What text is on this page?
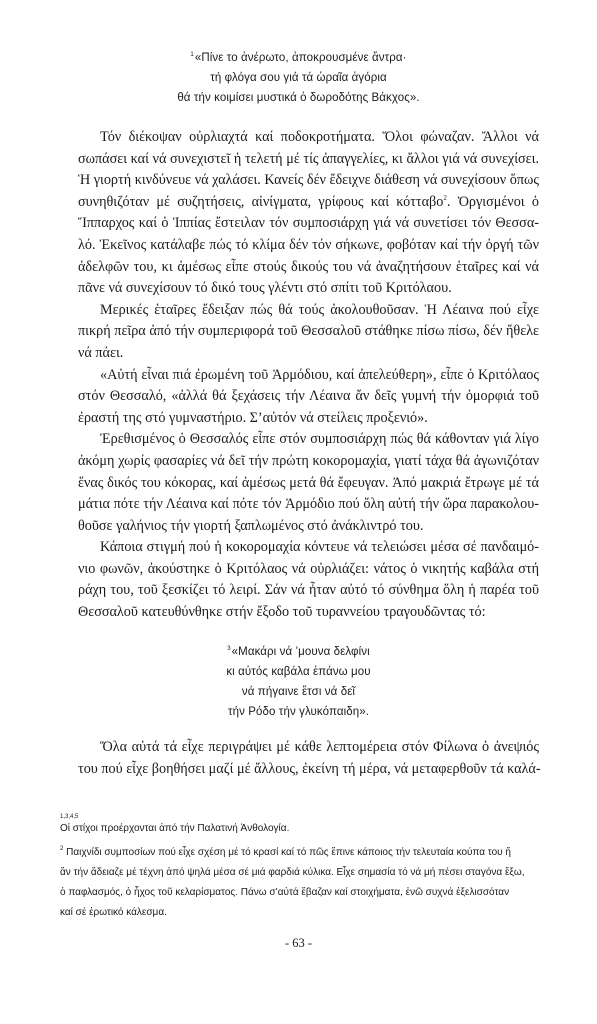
$^1$«Πίνε το ἀνέρωτο, ἀποκρουσμένε ἄντρα·
τή φλόγα σου γιά τά ὡραῖα ἀγόρια
θά τήν κοιμίσει μυστικά ὁ δωροδότης Βάκχος».
Τόν διέκοψαν οὐρλιαχτά καί ποδοκροτήματα. Ὅλοι φώναζαν. Ἄλλοι νά
σωπάσει καί νά συνεχιστεῖ ἡ τελετή μέ τίς ἀπαγγελίες, κι ἄλλοι γιά νά συνεχίσει.
Ἡ γιορτή κινδύνευε νά χαλάσει. Κανείς δέν ἔδειχνε διάθεση νά συνεχίσουν ὅπως
συνηθιζόταν μέ συζητήσεις, αἰνίγματα, γρίφους καί κότταβο$^2$. Ὀργισμένοι ὁ
Ἵππαρχος καί ὁ Ἱππίας ἔστειλαν τόν συμποσιάρχη γιά νά συνετίσει τόν Θεσσα-
λό. Ἐκεῖνος κατάλαβε πώς τό κλίμα δέν τόν σήκωνε, φοβόταν καί τήν ὀργή τῶν
ἀδελφῶν του, κι ἀμέσως εἶπε στούς δικούς του νά ἀναζητήσουν ἑταῖρες καί νά
πᾶνε νά συνεχίσουν τό δικό τους γλέντι στό σπίτι τοῦ Κριτόλαου.
Μερικές ἑταῖρες ἔδειξαν πώς θά τούς ἀκολουθοῦσαν. Ἡ Λέαινα πού εἶχε
πικρή πεῖρα ἀπό τήν συμπεριφορά τοῦ Θεσσαλοῦ στάθηκε πίσω πίσω, δέν ἤθελε
νά πάει.
«Αὐτή εἶναι πιά ἐρωμένη τοῦ Ἁρμόδιου, καί ἀπελεύθερη», εἶπε ὁ Κριτόλαος
στόν Θεσσαλό, «ἀλλά θά ξεχάσεις τήν Λέαινα ἄν δεῖς γυμνή τήν ὀμορφιά τοῦ
ἐραστή της στό γυμναστήριο. Σ’αὐτόν νά στείλεις προξενιό».
Ἐρεθισμένος ὁ Θεσσαλός εἶπε στόν συμποσιάρχη πώς θά κάθονταν γιά λίγο
ἀκόμη χωρίς φασαρίες νά δεῖ τήν πρώτη κοκορομαχία, γιατί τάχα θά ἀγωνιζόταν
ἕνας δικός του κόκορας, καί ἀμέσως μετά θά ἔφευγαν. Ἀπό μακριά ἔτρωγε μέ τά
μάτια πότε τήν Λέαινα καί πότε τόν Ἁρμόδιο πού ὅλη αὐτή τήν ὥρα παρακολου-
θοῦσε γαλήνιος τήν γιορτή ξαπλωμένος στό ἀνάκλιντρό του.
Κάποια στιγμή πού ἡ κοκορομαχία κόντευε νά τελειώσει μέσα σέ πανδαιμό-
νιο φωνῶν, ἀκούστηκε ὁ Κριτόλαος νά οὐρλιάζει: νάτος ὁ νικητής καβάλα στή
ράχη του, τοῦ ξεσκίζει τό λειρί. Σάν νά ἦταν αὐτό τό σύνθημα ὅλη ἡ παρέα τοῦ
Θεσσαλοῦ κατευθύνθηκε στήν ἔξοδο τοῦ τυραννείου τραγουδῶντας τό:
$^3$«Μακάρι νά ’μουνα δελφίνι
κι αὐτός καβάλα ἐπάνω μου
νά πήγαινε ἔτσι νά δεῖ
τήν Ρόδο τήν γλυκόπαιδη».
Ὅλα αὐτά τά εἶχε περιγράψει μέ κάθε λεπτομέρεια στόν Φίλωνα ὁ ἀνεψιός
του πού εἶχε βοηθήσει μαζί μέ ἄλλους, ἐκείνη τή μέρα, νά μεταφερθοῦν τά καλά-
1,3,4,5
Οἱ στίχοι προέρχονται ἀπό τήν Παλατινή Ἀνθολογία.
$^2$ Παιχνίδι συμποσίων πού εἶχε σχέση μέ τό κρασί καί τό πῶς ἔπινε κάποιος τήν τελευταία κούπα του ἤ
ἂν τήν ἄδειαζε μέ τέχνη ἀπό ψηλά μέσα σέ μιά φαρδιά κύλικα. Εἶχε σημασία τό νά μή πέσει σταγόνα ἔξω,
ὁ παφλασμός, ὁ ἦχος τοῦ κελαρίσματος. Πάνω σ’αὐτά ἔβαζαν καί στοιχήματα, ἐνῶ συχνά ἐξελισσόταν
καί σέ ἐρωτικό κάλεσμα.
- 63 -
